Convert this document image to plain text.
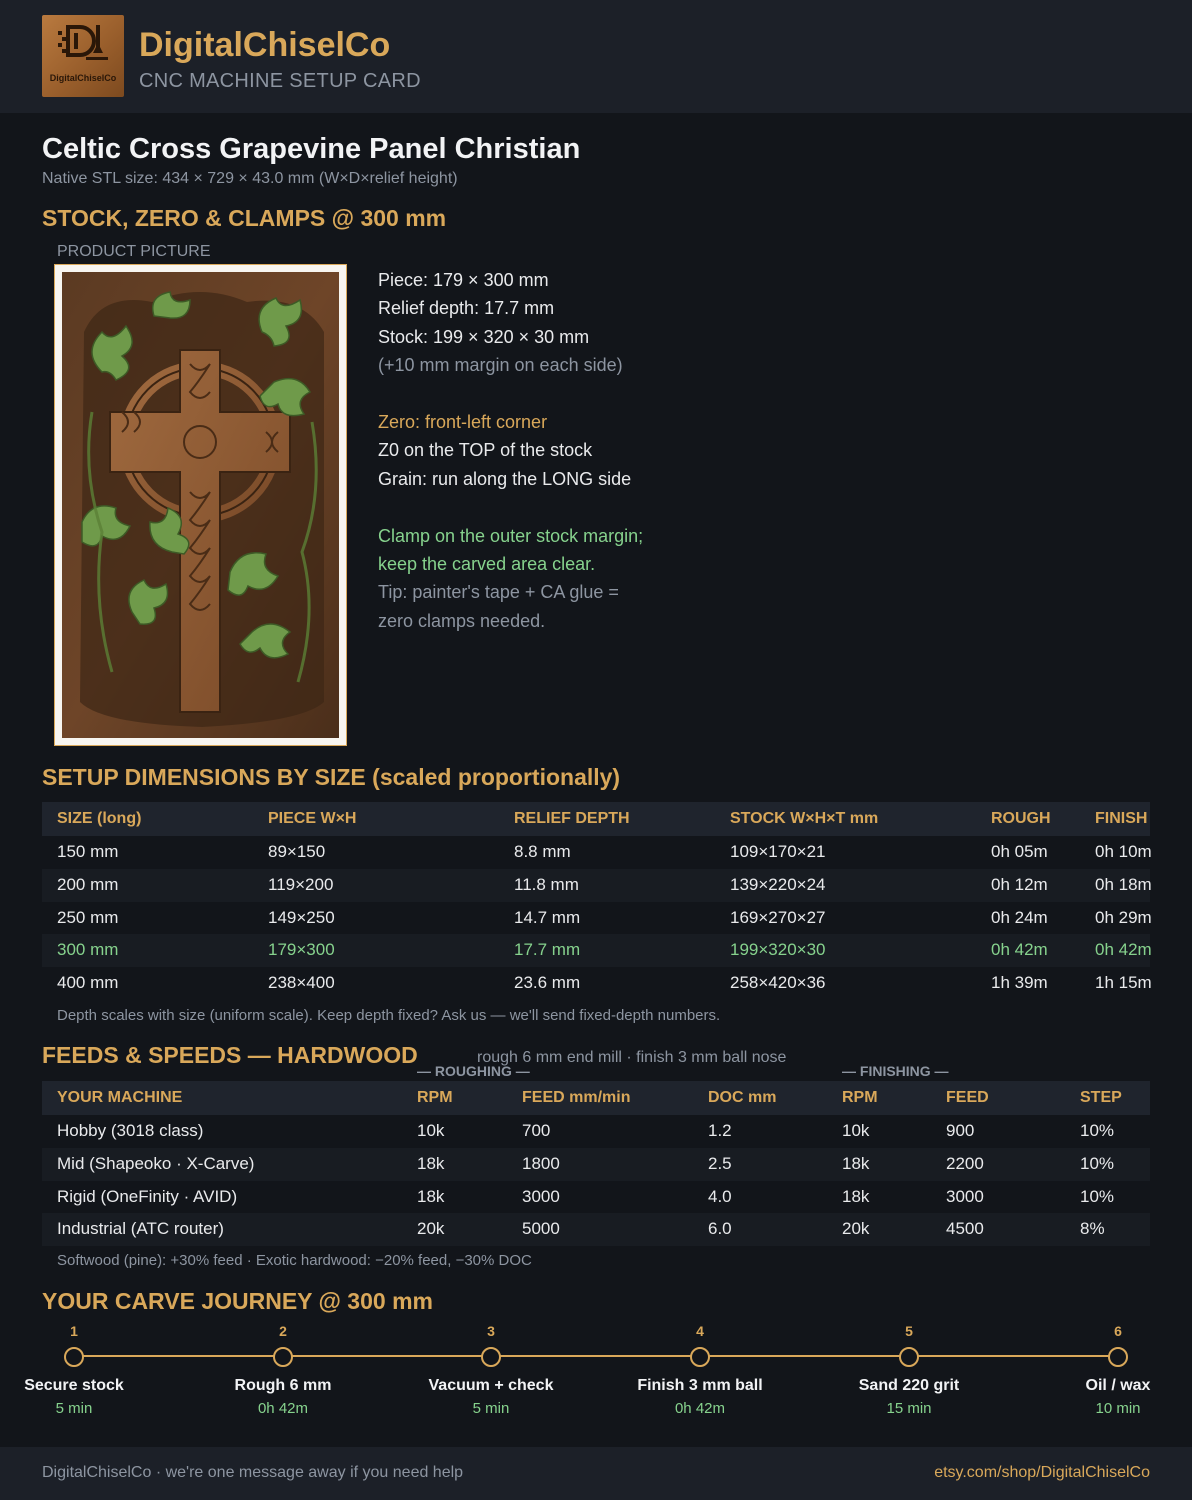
DigitalChiselCo
DigitalChiselCo
CNC MACHINE SETUP CARD
Celtic Cross Grapevine Panel Christian
Native STL size: 434 × 729 × 43.0 mm (W×D×relief height)
STOCK, ZERO & CLAMPS @ 300 mm
PRODUCT PICTURE
Piece: 179 × 300 mm
Relief depth: 17.7 mm
Stock: 199 × 320 × 30 mm
(+10 mm margin on each side)
Zero: front-left corner
Z0 on the TOP of the stock
Grain: run along the LONG side
Clamp on the outer stock margin;
keep the carved area clear.
Tip: painter's tape + CA glue =
zero clamps needed.
SETUP DIMENSIONS BY SIZE (scaled proportionally)
SIZE (long)	PIECE W×H	RELIEF DEPTH	STOCK W×H×T mm	ROUGH	FINISH
150 mm	89×150	8.8 mm	109×170×21	0h 05m	0h 10m
200 mm	119×200	11.8 mm	139×220×24	0h 12m	0h 18m
250 mm	149×250	14.7 mm	169×270×27	0h 24m	0h 29m
300 mm	179×300	17.7 mm	199×320×30	0h 42m	0h 42m
400 mm	238×400	23.6 mm	258×420×36	1h 39m	1h 15m
Depth scales with size (uniform scale). Keep depth fixed? Ask us — we'll send fixed-depth numbers.
FEEDS & SPEEDS — HARDWOOD	rough 6 mm end mill · finish 3 mm ball nose
— ROUGHING —	— FINISHING —
YOUR MACHINE	RPM	FEED mm/min	DOC mm	RPM	FEED	STEP
Hobby (3018 class)	10k	700	1.2	10k	900	10%
Mid (Shapeoko · X-Carve)	18k	1800	2.5	18k	2200	10%
Rigid (OneFinity · AVID)	18k	3000	4.0	18k	3000	10%
Industrial (ATC router)	20k	5000	6.0	20k	4500	8%
Softwood (pine): +30% feed · Exotic hardwood: −20% feed, −30% DOC
YOUR CARVE JOURNEY @ 300 mm
1
Secure stock
5 min
2
Rough 6 mm
0h 42m
3
Vacuum + check
5 min
4
Finish 3 mm ball
0h 42m
5
Sand 220 grit
15 min
6
Oil / wax
10 min
DigitalChiselCo · we're one message away if you need help	etsy.com/shop/DigitalChiselCo
